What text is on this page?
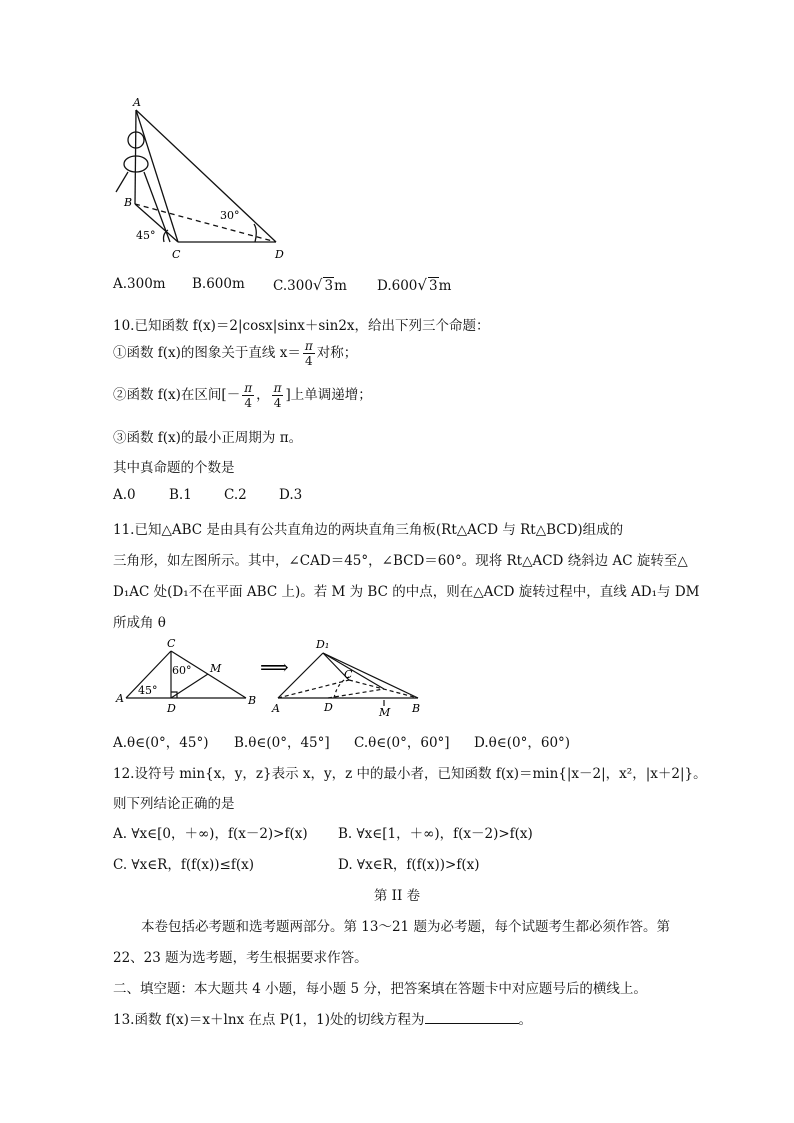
A
B
C	D
30°
45°
A.300m B.600m C.300√ 3m D.600√ 3m
10.已知函数 f(x)＝2|cosx|sinx＋sin2x，给出下列三个命题：
①函数 f(x)的图象关于直线 $x= \frac{\pi}{4}$ 对称；
②函数 f(x)在区间[－ $\frac{\pi}{4}$ ， $\frac{\pi}{4}$ ]上单调递增；
③函数 f(x)的最小正周期为 π。
其中真命题的个数是
A.0 B.1 C.2 D.3
11.已知△ABC 是由具有公共直角边的两块直角三角板(Rt△ACD 与 Rt△BCD)组成的
三角形，如左图所示。其中，∠CAD＝45°，∠BCD＝60°。现将 Rt△ACD 绕斜边 AC 旋转至△
D₁AC 处(D₁不在平面 ABC 上)。若 M 为 BC 的中点，则在△ACD 旋转过程中，直线 AD₁与 DM
所成角 θ
A	B
C
D
M
45°
60°	⟹
D₁
A	B
C
D	M
A.θ∈(0°，45°) B.θ∈(0°，45°] C.θ∈(0°，60°] D.θ∈(0°，60°)
12.设符号 min{x，y，z}表示 x，y，z 中的最小者，已知函数 f(x)＝min{|x－2|，x²，|x＋2|}。
则下列结论正确的是
A. ∀x∈[0，＋∞)，f(x－2)>f(x) B. ∀x∈[1，＋∞)，f(x－2)>f(x)
C. ∀x∈R，f(f(x))≤f(x)	D. ∀x∈R，f(f(x))>f(x)
第 II 卷
本卷包括必考题和选考题两部分。第 13～21 题为必考题，每个试题考生都必须作答。第
22、23 题为选考题，考生根据要求作答。
二、填空题：本大题共 4 小题，每小题 5 分，把答案填在答题卡中对应题号后的横线上。
13.函数 f(x)＝x＋lnx 在点 P(1，1)处的切线方程为	。
